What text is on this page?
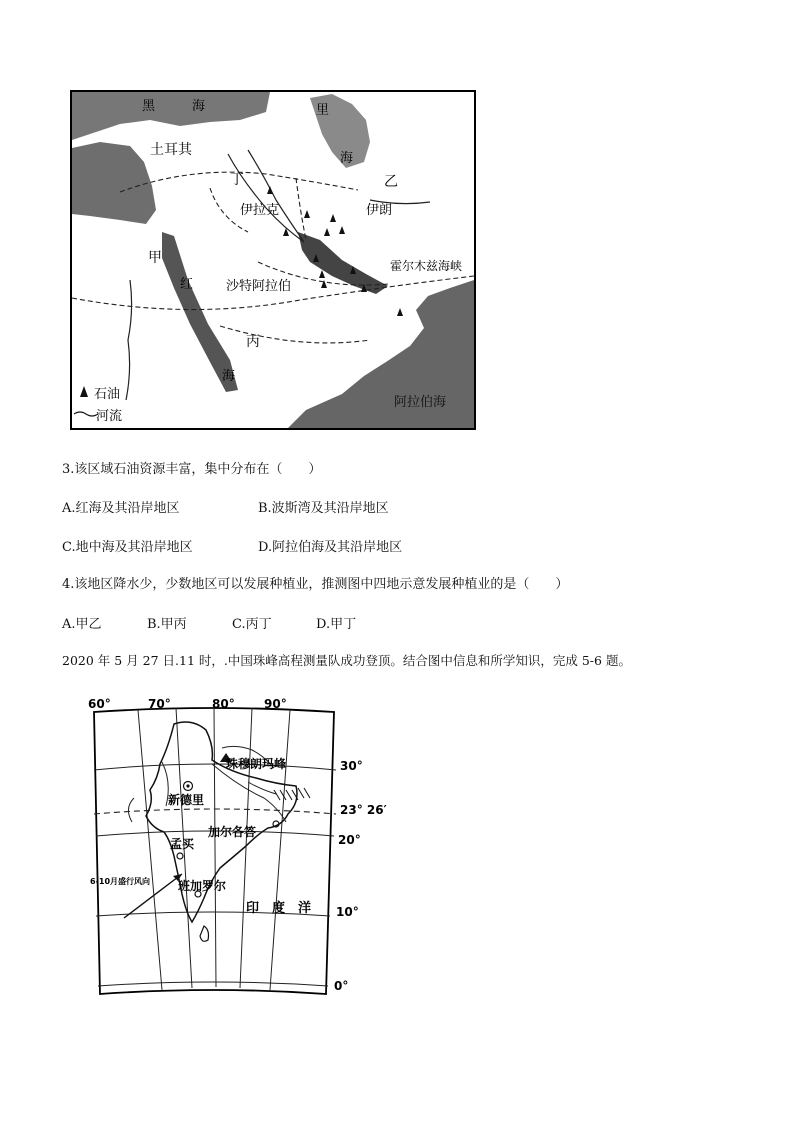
黑	海	里
海
土耳其
乙
伊朗
丁
伊拉克
甲
沙特阿拉伯
霍尔木兹海峡
红
海
丙
阿拉伯海
石油
河流
3.该区域石油资源丰富，集中分布在（　　）
A.红海及其沿岸地区	B.波斯湾及其沿岸地区
C.地中海及其沿岸地区	D.阿拉伯海及其沿岸地区
4.该地区降水少，少数地区可以发展种植业，推测图中四地示意发展种植业的是（　　）
A.甲乙	B.甲丙	C.丙丁	D.甲丁
2020 年 5 月 27 日.11 时，.中国珠峰高程测量队成功登顶。结合图中信息和所学知识，完成 5-6 题。
60°	70°	80° 90°
30°
23° 26′
20°
10°
0°
珠穆朗玛峰
新德里
加尔各答
孟买
班加罗尔
6-10月盛行风向
印 度 洋
